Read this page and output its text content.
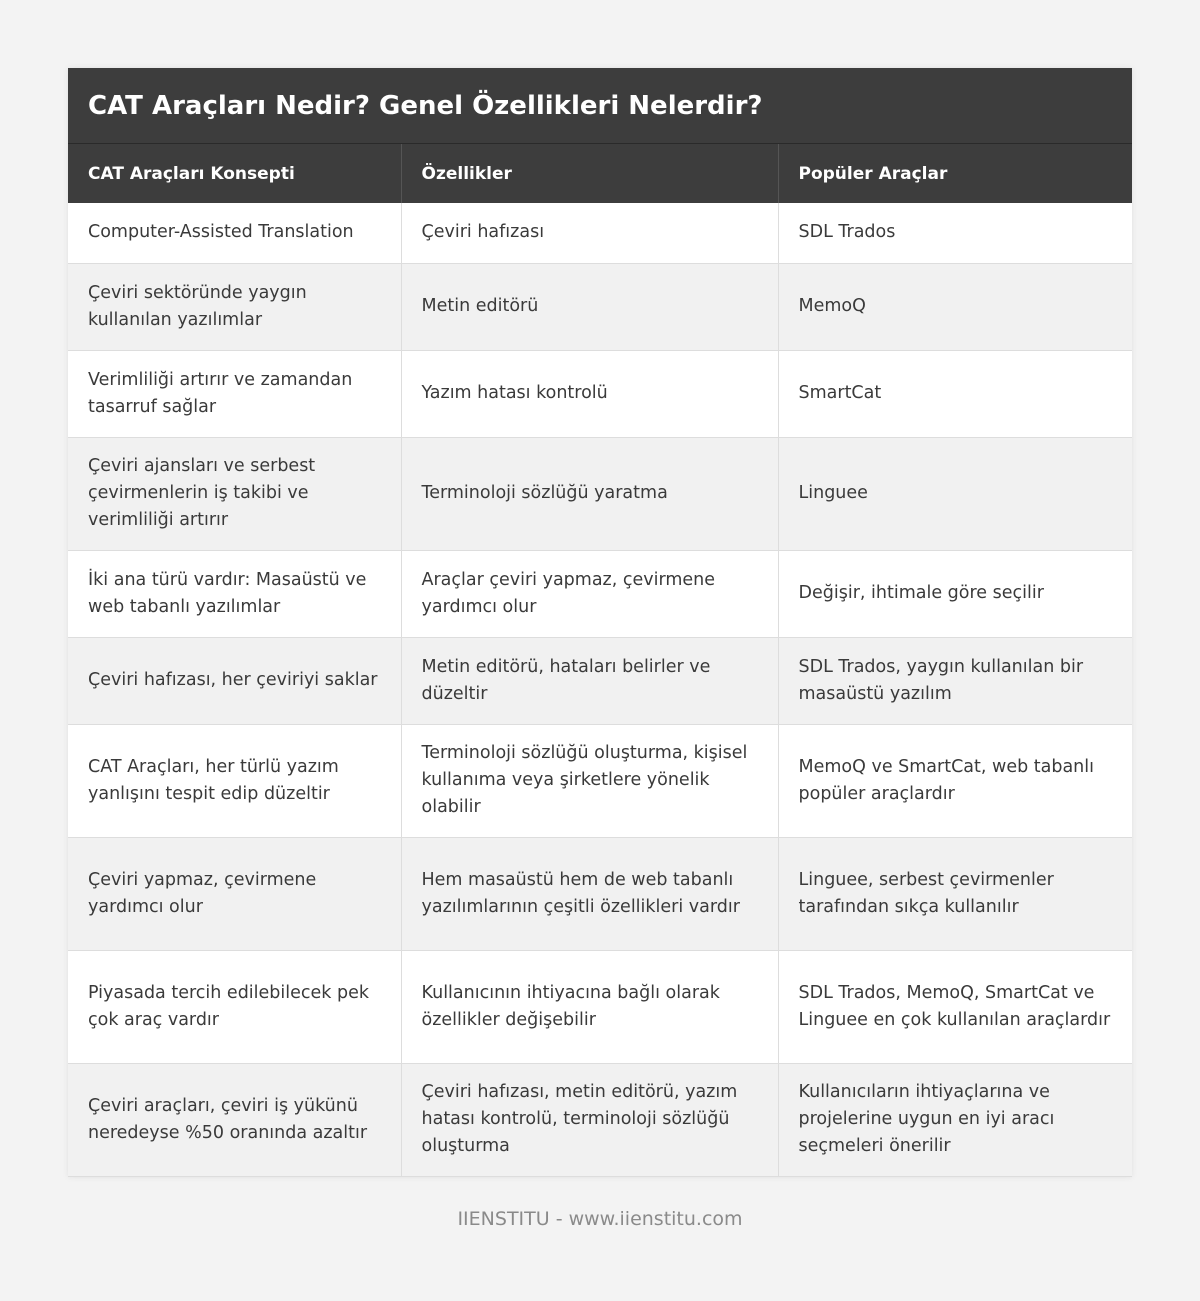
CAT Araçları Nedir? Genel Özellikleri Nelerdir?
CAT Araçları Konsepti	Özellikler	Popüler Araçlar
Computer-Assisted Translation	Çeviri hafızası	SDL Trados
Çeviri sektöründe yaygın kullanılan yazılımlar	Metin editörü	MemoQ
Verimliliği artırır ve zamandan tasarruf sağlar	Yazım hatası kontrolü	SmartCat
Çeviri ajansları ve serbest çevirmenlerin iş takibi ve verimliliği artırır	Terminoloji sözlüğü yaratma	Linguee
İki ana türü vardır: Masaüstü ve web tabanlı yazılımlar	Araçlar çeviri yapmaz, çevirmene yardımcı olur	Değişir, ihtimale göre seçilir
Çeviri hafızası, her çeviriyi saklar	Metin editörü, hataları belirler ve düzeltir	SDL Trados, yaygın kullanılan bir masaüstü yazılım
CAT Araçları, her türlü yazım yanlışını tespit edip düzeltir	Terminoloji sözlüğü oluşturma, kişisel kullanıma veya şirketlere yönelik olabilir	MemoQ ve SmartCat, web tabanlı popüler araçlardır
Çeviri yapmaz, çevirmene yardımcı olur	Hem masaüstü hem de web tabanlı yazılımlarının çeşitli özellikleri vardır	Linguee, serbest çevirmenler tarafından sıkça kullanılır
Piyasada tercih edilebilecek pek çok araç vardır	Kullanıcının ihtiyacına bağlı olarak özellikler değişebilir	SDL Trados, MemoQ, SmartCat ve Linguee en çok kullanılan araçlardır
Çeviri araçları, çeviri iş yükünü neredeyse %50 oranında azaltır	Çeviri hafızası, metin editörü, yazım hatası kontrolü, terminoloji sözlüğü oluşturma	Kullanıcıların ihtiyaçlarına ve projelerine uygun en iyi aracı seçmeleri önerilir
IIENSTITU - www.iienstitu.com
